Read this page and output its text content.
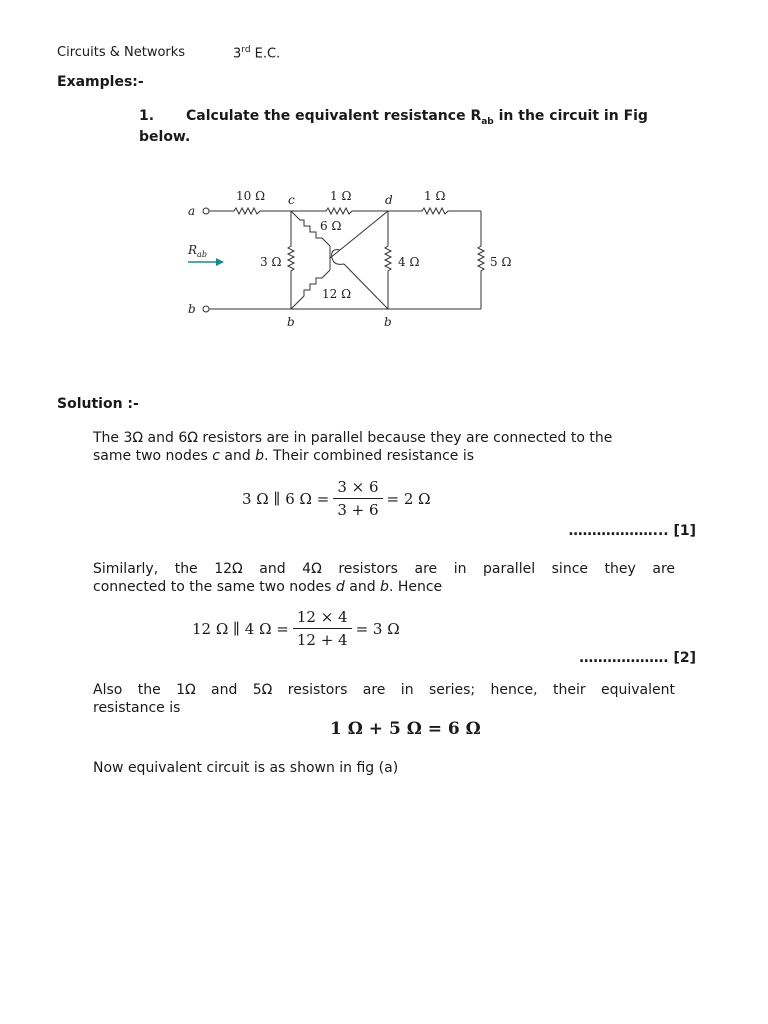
Circuits & Networks	3rd E.C.
Examples:-
1. Calculate the equivalent resistance $R_{ab}$ in the circuit in Fig
below.
10 Ω	1 Ω	1 Ω
6 Ω
3 Ω	4 Ω	5 Ω
12 Ω
a
b
c	d
b	b
$R_{ab}$
Solution :-
The 3Ω and 6Ω resistors are in parallel because they are connected to the
same two nodes c and b. Their combined resistance is
3 Ω ∥ 6 $\Omega = \frac{3 \times 6}{3 + 6} = 2$ Ω
………………... [1]
Similarly, the 12Ω and 4Ω resistors are in parallel since they are
connected to the same two nodes d and b. Hence
12 Ω ∥ 4 $\Omega = \frac{12 \times 4}{12 + 4} = 3$ Ω
………………. [2]
Also the 1Ω and 5Ω resistors are in series; hence, their equivalent
resistance is
1 Ω + 5 Ω = 6 Ω
Now equivalent circuit is as shown in fig (a)
